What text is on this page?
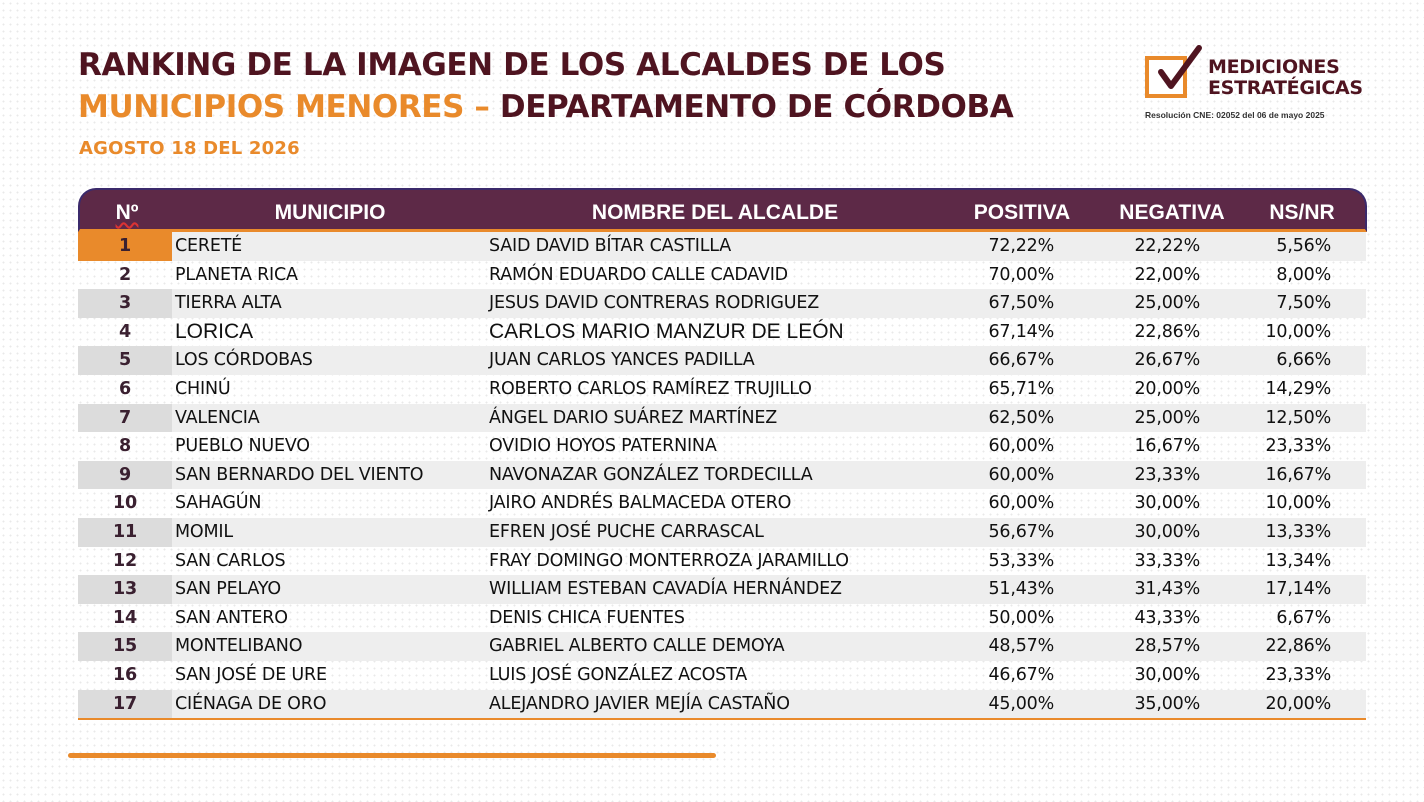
RANKING DE LA IMAGEN DE LOS ALCALDES DE LOS
MUNICIPIOS MENORES – DEPARTAMENTO DE CÓRDOBA
AGOSTO 18 DEL 2026
MEDICIONES
ESTRATÉGICAS
Resolución CNE: 02052 del 06 de mayo 2025
Nº	MUNICIPIO	NOMBRE DEL ALCALDE	POSITIVA	NEGATIVA	NS/NR
1	CERETÉ	SAID DAVID BÍTAR CASTILLA	72,22%	22,22%	5,56%
2	PLANETA RICA	RAMÓN EDUARDO CALLE CADAVID	70,00%	22,00%	8,00%
3	TIERRA ALTA	JESUS DAVID CONTRERAS RODRIGUEZ	67,50%	25,00%	7,50%
4	LORICA	CARLOS MARIO MANZUR DE LEÓN	67,14%	22,86%	10,00%
5	LOS CÓRDOBAS	JUAN CARLOS YANCES PADILLA	66,67%	26,67%	6,66%
6	CHINÚ	ROBERTO CARLOS RAMÍREZ TRUJILLO	65,71%	20,00%	14,29%
7	VALENCIA	ÁNGEL DARIO SUÁREZ MARTÍNEZ	62,50%	25,00%	12,50%
8	PUEBLO NUEVO	OVIDIO HOYOS PATERNINA	60,00%	16,67%	23,33%
9	SAN BERNARDO DEL VIENTO	NAVONAZAR GONZÁLEZ TORDECILLA	60,00%	23,33%	16,67%
10	SAHAGÚN	JAIRO ANDRÉS BALMACEDA OTERO	60,00%	30,00%	10,00%
11	MOMIL	EFREN JOSÉ PUCHE CARRASCAL	56,67%	30,00%	13,33%
12	SAN CARLOS	FRAY DOMINGO MONTERROZA JARAMILLO	53,33%	33,33%	13,34%
13	SAN PELAYO	WILLIAM ESTEBAN CAVADÍA HERNÁNDEZ	51,43%	31,43%	17,14%
14	SAN ANTERO	DENIS CHICA FUENTES	50,00%	43,33%	6,67%
15	MONTELIBANO	GABRIEL ALBERTO CALLE DEMOYA	48,57%	28,57%	22,86%
16	SAN JOSÉ DE URE	LUIS JOSÉ GONZÁLEZ ACOSTA	46,67%	30,00%	23,33%
17	CIÉNAGA DE ORO	ALEJANDRO JAVIER MEJÍA CASTAÑO	45,00%	35,00%	20,00%
